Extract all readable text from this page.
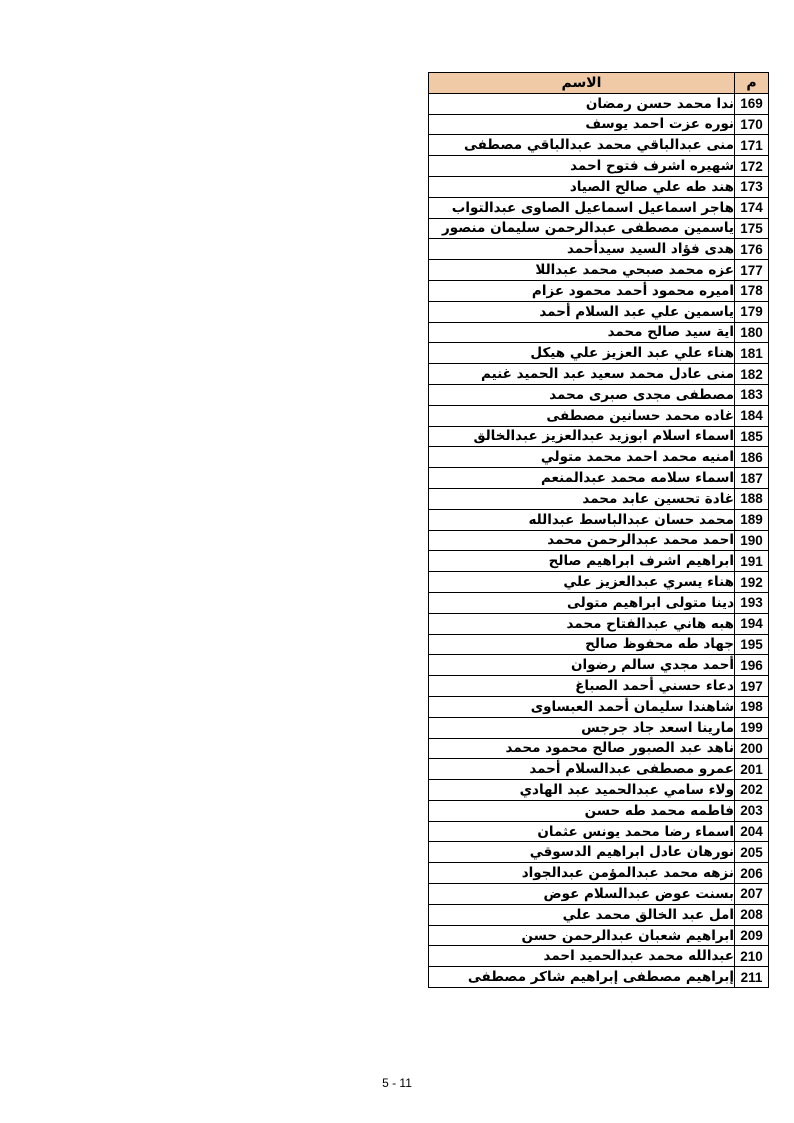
م	الاسم
169	ندا محمد حسن رمضان
170	نوره عزت احمد يوسف
171	منى عبدالباقي محمد عبدالباقي مصطفى
172	شهيره اشرف فتوح احمد
173	هند طه علي صالح الصياد
174	هاجر اسماعيل اسماعيل الصاوى عبدالتواب
175	ياسمين مصطفى عبدالرحمن سليمان منصور
176	هدى فؤاد السيد سيدأحمد
177	عزه محمد صبحي محمد عبداللا
178	اميره محمود أحمد محمود عزام
179	ياسمين علي عبد السلام أحمد
180	اية سيد صالح محمد
181	هناء علي عبد العزيز علي هيكل
182	منى عادل محمد سعيد عبد الحميد غنيم
183	مصطفى مجدى صبرى محمد
184	غاده محمد حسانين مصطفى
185	اسماء اسلام ابوزيد عبدالعزيز عبدالخالق
186	امنيه محمد احمد محمد متولي
187	اسماء سلامه محمد عبدالمنعم
188	غادة تحسين عابد محمد
189	محمد حسان عبدالباسط عبدالله
190	احمد محمد عبدالرحمن محمد
191	ابراهيم اشرف ابراهيم صالح
192	هناء يسري عبدالعزيز علي
193	دينا متولى ابراهيم متولى
194	هبه هاني عبدالفتاح محمد
195	جهاد طه محفوظ صالح
196	أحمد مجدي سالم رضوان
197	دعاء حسني أحمد الصباغ
198	شاهندا سليمان أحمد العبساوى
199	مارينا اسعد جاد جرجس
200	ناهد عبد الصبور صالح محمود محمد
201	عمرو مصطفى عبدالسلام أحمد
202	ولاء سامي عبدالحميد عبد الهادي
203	فاطمه محمد طه حسن
204	اسماء رضا محمد يونس عثمان
205	نورهان عادل ابراهيم الدسوقي
206	نزهه محمد عبدالمؤمن عبدالجواد
207	بسنت عوض عبدالسلام عوض
208	امل عبد الخالق محمد علي
209	ابراهيم شعبان عبدالرحمن حسن
210	عبدالله محمد عبدالحميد احمد
211	إبراهيم مصطفى إبراهيم شاكر مصطفى
5 - 11
